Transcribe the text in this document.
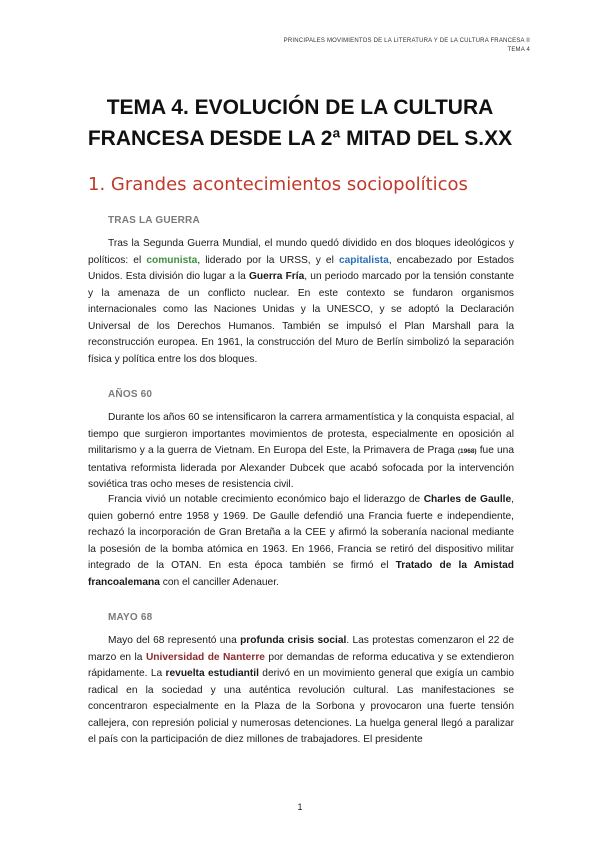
PRINCIPALES MOVIMIENTOS DE LA LITERATURA Y DE LA CULTURA FRANCESA II
TEMA 4
TEMA 4. EVOLUCIÓN DE LA CULTURA
FRANCESA DESDE LA 2ª MITAD DEL S.XX
1. Grandes acontecimientos sociopolíticos
TRAS LA GUERRA

Tras la Segunda Guerra Mundial, el mundo quedó dividido en dos bloques ideológicos y políticos: el comunista, liderado por la URSS, y el capitalista, encabezado por Estados Unidos. Esta división dio lugar a la Guerra Fría, un periodo marcado por la tensión constante y la amenaza de un conflicto nuclear. En este contexto se fundaron organismos internacionales como las Naciones Unidas y la UNESCO, y se adoptó la Declaración Universal de los Derechos Humanos. También se impulsó el Plan Marshall para la reconstrucción europea. En 1961, la construcción del Muro de Berlín simbolizó la separación física y política entre los dos bloques.

AÑOS 60

Durante los años 60 se intensificaron la carrera armamentística y la conquista espacial, al tiempo que surgieron importantes movimientos de protesta, especialmente en oposición al militarismo y a la guerra de Vietnam. En Europa del Este, la Primavera de Praga (1968) fue una tentativa reformista liderada por Alexander Dubcek que acabó sofocada por la intervención soviética tras ocho meses de resistencia civil.

Francia vivió un notable crecimiento económico bajo el liderazgo de Charles de Gaulle, quien gobernó entre 1958 y 1969. De Gaulle defendió una Francia fuerte e independiente, rechazó la incorporación de Gran Bretaña a la CEE y afirmó la soberanía nacional mediante la posesión de la bomba atómica en 1963. En 1966, Francia se retiró del dispositivo militar integrado de la OTAN. En esta época también se firmó el Tratado de la Amistad francoalemana con el canciller Adenauer.

MAYO 68

Mayo del 68 representó una profunda crisis social. Las protestas comenzaron el 22 de marzo en la Universidad de Nanterre por demandas de reforma educativa y se extendieron rápidamente. La revuelta estudiantil derivó en un movimiento general que exigía un cambio radical en la sociedad y una auténtica revolución cultural. Las manifestaciones se concentraron especialmente en la Plaza de la Sorbona y provocaron una fuerte tensión callejera, con represión policial y numerosas detenciones. La huelga general llegó a paralizar el país con la participación de diez millones de trabajadores. El presidente

1
